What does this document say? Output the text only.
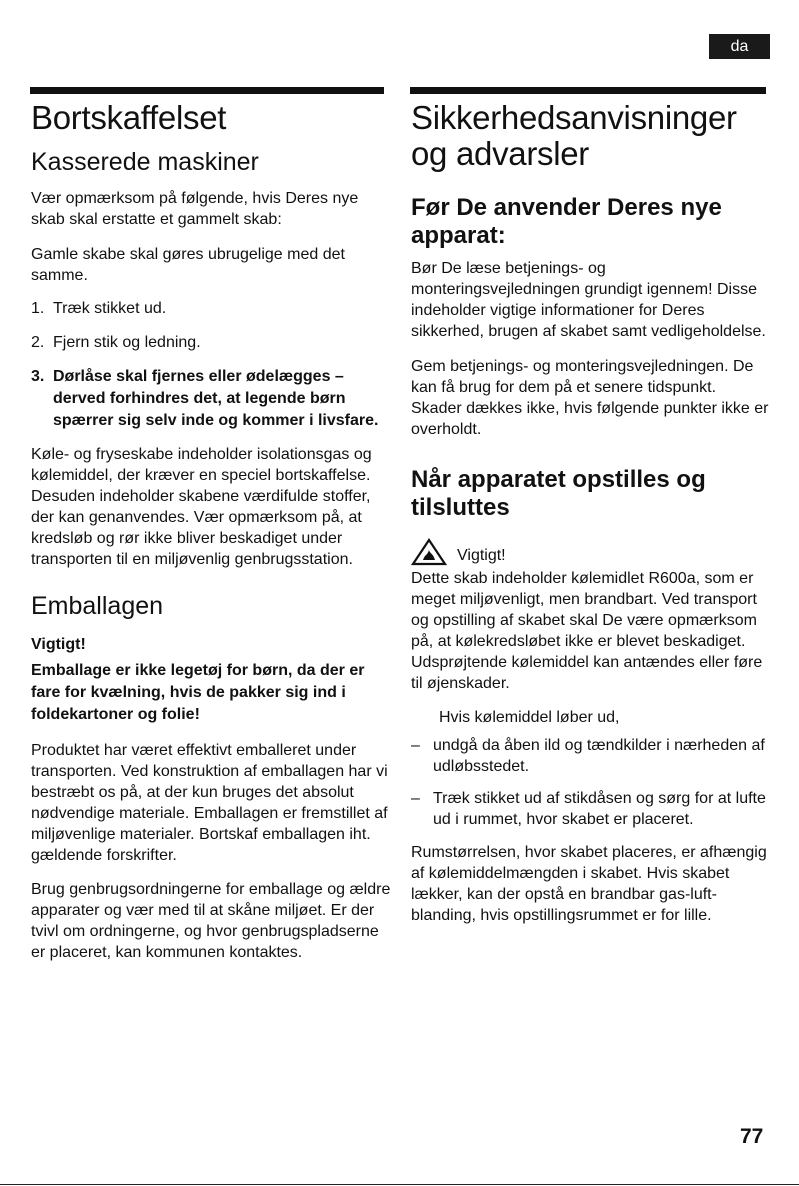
da
Bortskaffelset
Kasserede maskiner

Vær opmærksom på følgende, hvis Deres nye skab skal erstatte et gammelt skab:

Gamle skabe skal gøres ubrugelige med det samme.

1. Træk stikket ud.
2. Fjern stik og ledning.
3. Dørlåse skal fjernes eller ødelægges – derved forhindres det, at legende børn spærrer sig selv inde og kommer i livsfare.

Køle- og fryseskabe indeholder isolationsgas og kølemiddel, der kræver en speciel bortskaffelse. Desuden indeholder skabene værdifulde stoffer, der kan genanvendes. Vær opmærksom på, at kredsløb og rør ikke bliver beskadiget under transporten til en miljøvenlig genbrugsstation.

Emballagen

Vigtigt!

Emballage er ikke legetøj for børn, da der er fare for kvælning, hvis de pakker sig ind i foldekartoner og folie!

Produktet har været effektivt emballeret under transporten. Ved konstruktion af emballagen har vi bestræbt os på, at der kun bruges det absolut nødvendige materiale. Emballagen er fremstillet af miljøvenlige materialer. Bortskaf emballagen iht. gældende forskrifter.

Brug genbrugsordningerne for emballage og ældre apparater og vær med til at skåne miljøet. Er der tvivl om ordningerne, og hvor genbrugspladserne er placeret, kan kommunen kontaktes.

Sikkerhedsanvisninger og advarsler
Før De anvender Deres nye apparat:

Bør De læse betjenings- og monteringsvejledningen grundigt igennem! Disse indeholder vigtige informationer for Deres sikkerhed, brugen af skabet samt vedligeholdelse.

Gem betjenings- og monteringsvejledningen. De kan få brug for dem på et senere tidspunkt. Skader dækkes ikke, hvis følgende punkter ikke er overholdt.

Når apparatet opstilles og tilsluttes
Vigtigt!

Dette skab indeholder kølemidlet R600a, som er meget miljøvenligt, men brandbart. Ved transport og opstilling af skabet skal De være opmærksom på, at kølekredsløbet ikke er blevet beskadiget. Udsprøjtende kølemiddel kan antændes eller føre til øjenskader.

Hvis kølemiddel løber ud,

– undgå da åben ild og tændkilder i nærheden af udløbsstedet.
– Træk stikket ud af stikdåsen og sørg for at lufte ud i rummet, hvor skabet er placeret.

Rumstørrelsen, hvor skabet placeres, er afhængig af kølemiddelmængden i skabet. Hvis skabet lækker, kan der opstå en brandbar gas-luft-blanding, hvis opstillingsrummet er for lille.

77
